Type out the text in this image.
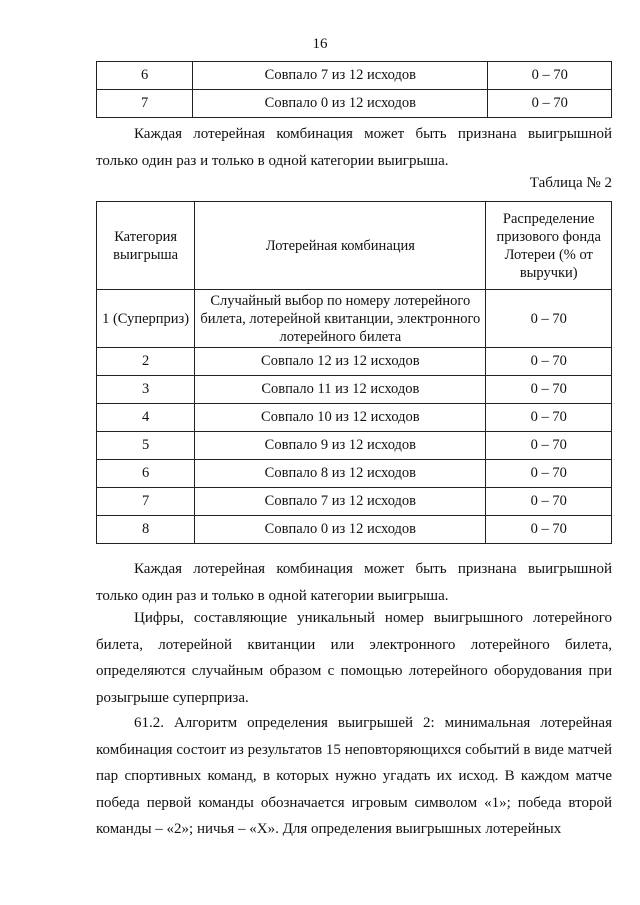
16
6	Совпало 7 из 12 исходов	0 – 70
7	Совпало 0 из 12 исходов	0 – 70

Каждая лотерейная комбинация может быть признана выигрышной только один раз и только в одной категории выигрыша.

Таблица № 2
Категория выигрыша	Лотерейная комбинация	Распределение призового фонда Лотереи (% от выручки)
1 (Суперприз)	Случайный выбор по номеру лотерейного билета, лотерейной квитанции, электронного лотерейного билета	0 – 70
2	Совпало 12 из 12 исходов	0 – 70
3	Совпало 11 из 12 исходов	0 – 70
4	Совпало 10 из 12 исходов	0 – 70
5	Совпало 9 из 12 исходов	0 – 70
6	Совпало 8 из 12 исходов	0 – 70
7	Совпало 7 из 12 исходов	0 – 70
8	Совпало 0 из 12 исходов	0 – 70

Каждая лотерейная комбинация может быть признана выигрышной только один раз и только в одной категории выигрыша.

Цифры, составляющие уникальный номер выигрышного лотерейного билета, лотерейной квитанции или электронного лотерейного билета, определяются случайным образом с помощью лотерейного оборудования при розыгрыше суперприза.

61.2. Алгоритм определения выигрышей 2: минимальная лотерейная комбинация состоит из результатов 15 неповторяющихся событий в виде матчей пар спортивных команд, в которых нужно угадать их исход. В каждом матче победа первой команды обозначается игровым символом «1»; победа второй команды – «2»; ничья – «Х». Для определения выигрышных лотерейных
